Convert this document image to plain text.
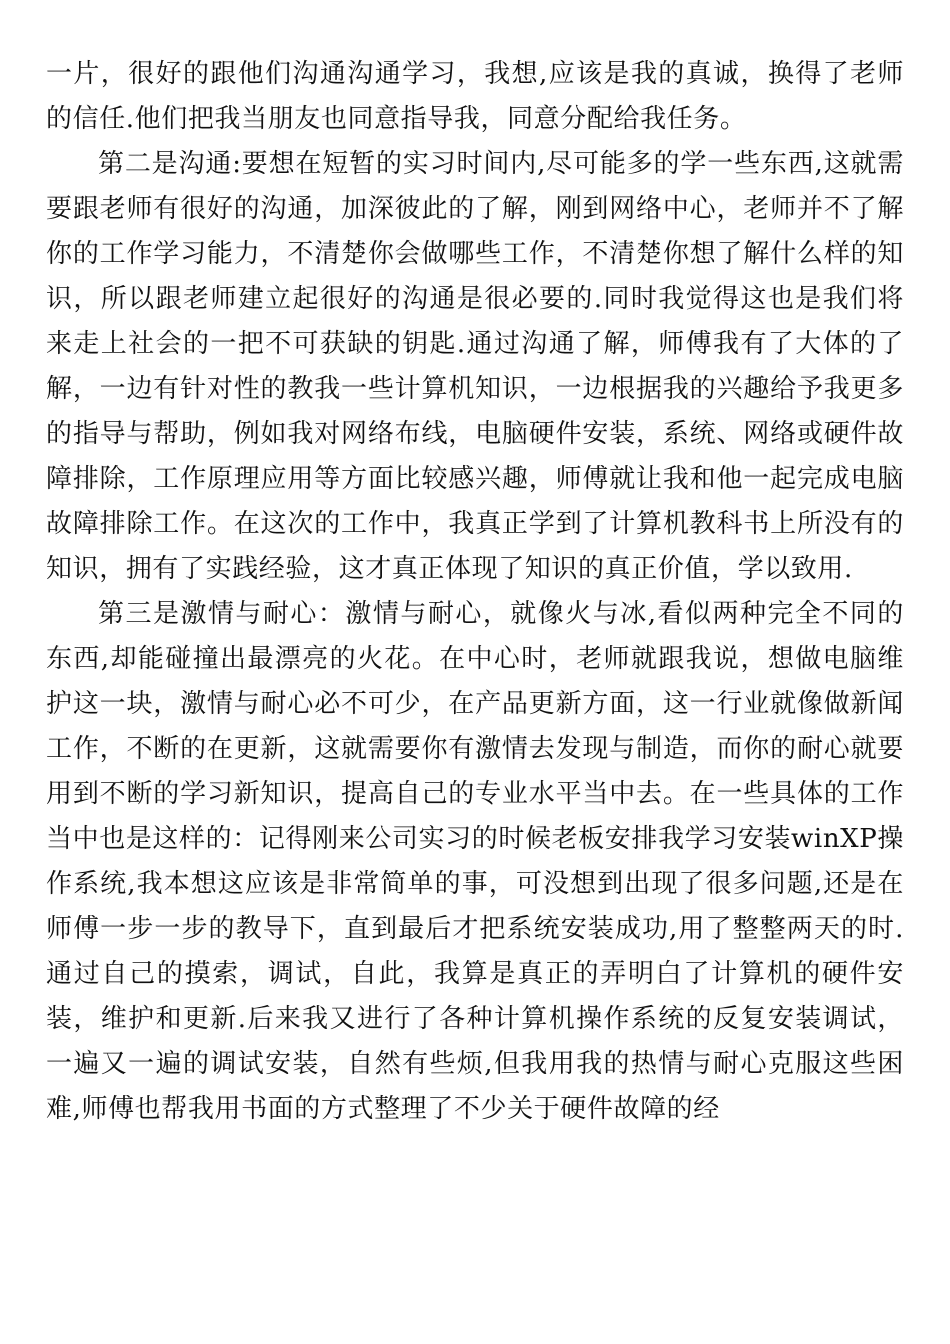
一片，很好的跟他们沟通沟通学习，我想,应该是我的真诚，换得了老师的信任.他们把我当朋友也同意指导我，同意分配给我任务。

第二是沟通:要想在短暂的实习时间内,尽可能多的学一些东西,这就需要跟老师有很好的沟通，加深彼此的了解，刚到网络中心，老师并不了解你的工作学习能力，不清楚你会做哪些工作，不清楚你想了解什么样的知识，所以跟老师建立起很好的沟通是很必要的.同时我觉得这也是我们将来走上社会的一把不可获缺的钥匙.通过沟通了解，师傅我有了大体的了解，一边有针对性的教我一些计算机知识，一边根据我的兴趣给予我更多的指导与帮助，例如我对网络布线，电脑硬件安装，系统、网络或硬件故障排除，工作原理应用等方面比较感兴趣，师傅就让我和他一起完成电脑故障排除工作。在这次的工作中，我真正学到了计算机教科书上所没有的知识，拥有了实践经验，这才真正体现了知识的真正价值，学以致用.

第三是激情与耐心：激情与耐心，就像火与冰,看似两种完全不同的东西,却能碰撞出最漂亮的火花。在中心时，老师就跟我说，想做电脑维护这一块，激情与耐心必不可少，在产品更新方面，这一行业就像做新闻工作，不断的在更新，这就需要你有激情去发现与制造，而你的耐心就要用到不断的学习新知识，提高自己的专业水平当中去。在一些具体的工作当中也是这样的：记得刚来公司实习的时候老板安排我学习安装winXP操作系统,我本想这应该是非常简单的事，可没想到出现了很多问题,还是在师傅一步一步的教导下，直到最后才把系统安装成功,用了整整两天的时.通过自己的摸索，调试，自此，我算是真正的弄明白了计算机的硬件安装，维护和更新.后来我又进行了各种计算机操作系统的反复安装调试，一遍又一遍的调试安装，自然有些烦,但我用我的热情与耐心克服这些困难,师傅也帮我用书面的方式整理了不少关于硬件故障的经
